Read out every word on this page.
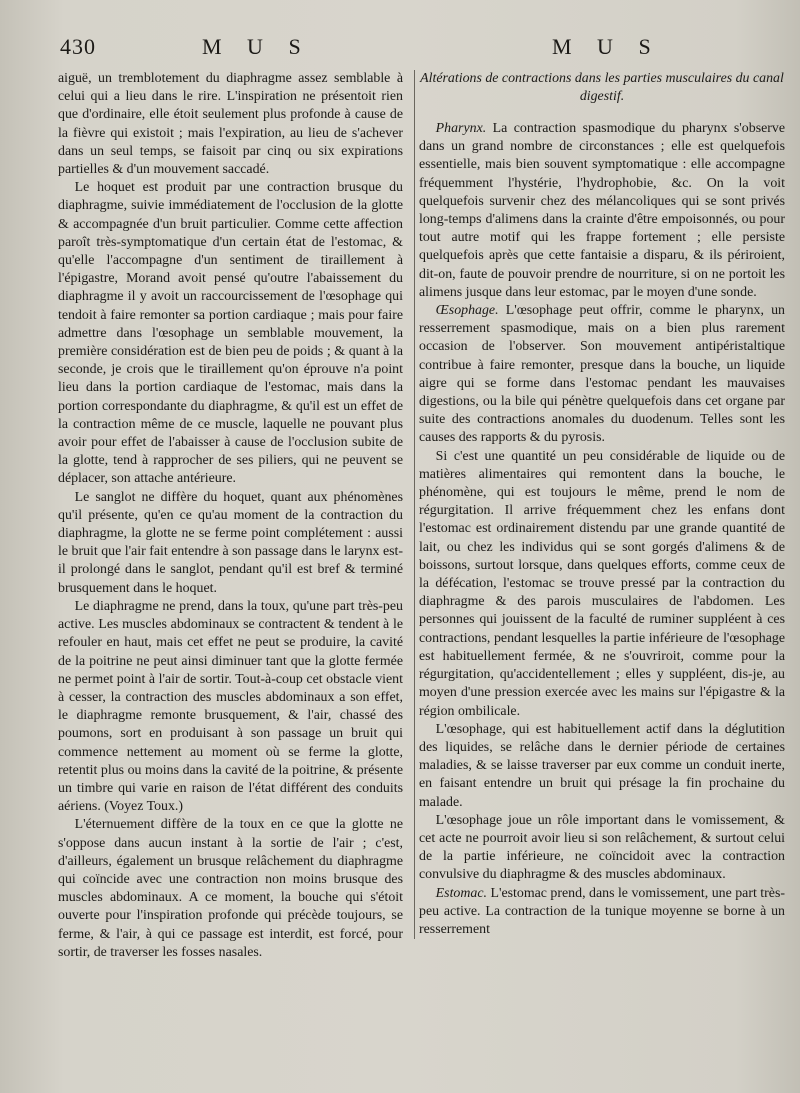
430	M U S	M U S

aiguë, un tremblotement du diaphragme assez semblable à celui qui a lieu dans le rire. L'inspiration ne présentoit rien que d'ordinaire, elle étoit seulement plus profonde à cause de la fièvre qui existoit ; mais l'expiration, au lieu de s'achever dans un seul temps, se faisoit par cinq ou six expirations partielles & d'un mouvement saccadé.

Le hoquet est produit par une contraction brusque du diaphragme, suivie immédiatement de l'occlusion de la glotte & accompagnée d'un bruit particulier. Comme cette affection paroît très-symptomatique d'un certain état de l'estomac, & qu'elle l'accompagne d'un sentiment de tiraillement à l'épigastre, Morand avoit pensé qu'outre l'abaissement du diaphragme il y avoit un raccourcissement de l'œsophage qui tendoit à faire remonter sa portion cardiaque ; mais pour faire admettre dans l'œsophage un semblable mouvement, la première considération est de bien peu de poids ; & quant à la seconde, je crois que le tiraillement qu'on éprouve n'a point lieu dans la portion cardiaque de l'estomac, mais dans la portion correspondante du diaphragme, & qu'il est un effet de la contraction même de ce muscle, laquelle ne pouvant plus avoir pour effet de l'abaisser à cause de l'occlusion subite de la glotte, tend à rapprocher de ses piliers, qui ne peuvent se déplacer, son attache antérieure.

Le sanglot ne diffère du hoquet, quant aux phénomènes qu'il présente, qu'en ce qu'au moment de la contraction du diaphragme, la glotte ne se ferme point complétement : aussi le bruit que l'air fait entendre à son passage dans le larynx est-il prolongé dans le sanglot, pendant qu'il est bref & terminé brusquement dans le hoquet.

Le diaphragme ne prend, dans la toux, qu'une part très-peu active. Les muscles abdominaux se contractent & tendent à le refouler en haut, mais cet effet ne peut se produire, la cavité de la poitrine ne peut ainsi diminuer tant que la glotte fermée ne permet point à l'air de sortir. Tout-à-coup cet obstacle vient à cesser, la contraction des muscles abdominaux a son effet, le diaphragme remonte brusquement, & l'air, chassé des poumons, sort en produisant à son passage un bruit qui commence nettement au moment où se ferme la glotte, retentit plus ou moins dans la cavité de la poitrine, & présente un timbre qui varie en raison de l'état différent des conduits aériens. (Voyez Toux.)

L'éternuement diffère de la toux en ce que la glotte ne s'oppose dans aucun instant à la sortie de l'air ; c'est, d'ailleurs, également un brusque relâchement du diaphragme qui coïncide avec une contraction non moins brusque des muscles abdominaux. A ce moment, la bouche qui s'étoit ouverte pour l'inspiration profonde qui précède toujours, se ferme, & l'air, à qui ce passage est interdit, est forcé, pour sortir, de traverser les fosses nasales.

Altérations de contractions dans les parties musculaires du canal digestif.

Pharynx. La contraction spasmodique du pharynx s'observe dans un grand nombre de circonstances ; elle est quelquefois essentielle, mais bien souvent symptomatique : elle accompagne fréquemment l'hystérie, l'hydrophobie, &c. On la voit quelquefois survenir chez des mélancoliques qui se sont privés long-temps d'alimens dans la crainte d'être empoisonnés, ou pour tout autre motif qui les frappe fortement ; elle persiste quelquefois après que cette fantaisie a disparu, & ils périroient, dit-on, faute de pouvoir prendre de nourriture, si on ne portoit les alimens jusque dans leur estomac, par le moyen d'une sonde.

Œsophage. L'œsophage peut offrir, comme le pharynx, un resserrement spasmodique, mais on a bien plus rarement occasion de l'observer. Son mouvement antipéristaltique contribue à faire remonter, presque dans la bouche, un liquide aigre qui se forme dans l'estomac pendant les mauvaises digestions, ou la bile qui pénètre quelquefois dans cet organe par suite des contractions anomales du duodenum. Telles sont les causes des rapports & du pyrosis.

Si c'est une quantité un peu considérable de liquide ou de matières alimentaires qui remontent dans la bouche, le phénomène, qui est toujours le même, prend le nom de régurgitation. Il arrive fréquemment chez les enfans dont l'estomac est ordinairement distendu par une grande quantité de lait, ou chez les individus qui se sont gorgés d'alimens & de boissons, surtout lorsque, dans quelques efforts, comme ceux de la défécation, l'estomac se trouve pressé par la contraction du diaphragme & des parois musculaires de l'abdomen. Les personnes qui jouissent de la faculté de ruminer suppléent à ces contractions, pendant lesquelles la partie inférieure de l'œsophage est habituellement fermée, & ne s'ouvriroit, comme pour la régurgitation, qu'accidentellement ; elles y suppléent, dis-je, au moyen d'une pression exercée avec les mains sur l'épigastre & la région ombilicale.

L'œsophage, qui est habituellement actif dans la déglutition des liquides, se relâche dans le dernier période de certaines maladies, & se laisse traverser par eux comme un conduit inerte, en faisant entendre un bruit qui présage la fin prochaine du malade.

L'œsophage joue un rôle important dans le vomissement, & cet acte ne pourroit avoir lieu si son relâchement, & surtout celui de la partie inférieure, ne coïncidoit avec la contraction convulsive du diaphragme & des muscles abdominaux.

Estomac. L'estomac prend, dans le vomissement, une part très-peu active. La contraction de la tunique moyenne se borne à un resserrement
